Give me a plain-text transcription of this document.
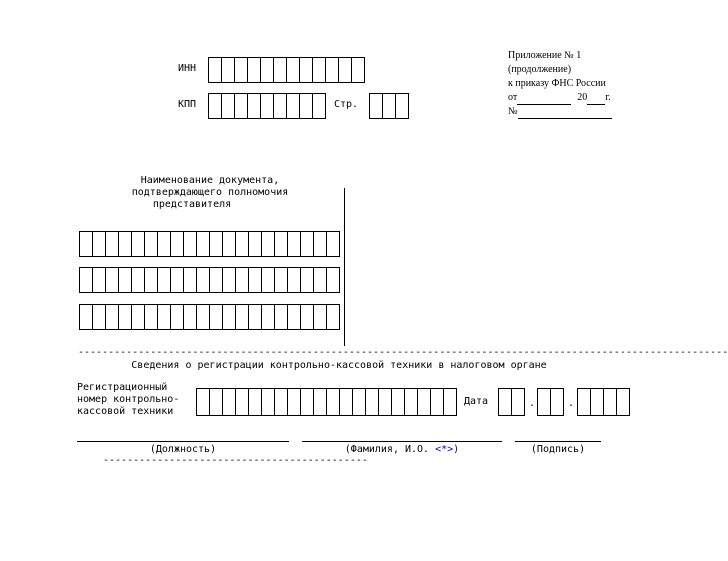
ИНН
КПП	Стр.
Приложение № 1
(продолжение)
к приказу ФНС России
от	20 г.
№
Наименование документа,
подтверждающего полномочия
представителя
------------------------------------------------------------------------------------------------------------
Сведения о регистрации контрольно-кассовой техники в налоговом органе
Регистрационный
номер контрольно-
кассовой техники
Дата	.	.
(Должность)
--------------------------------------------
(Фамилия, И.О. <*>)	(Подпись)
